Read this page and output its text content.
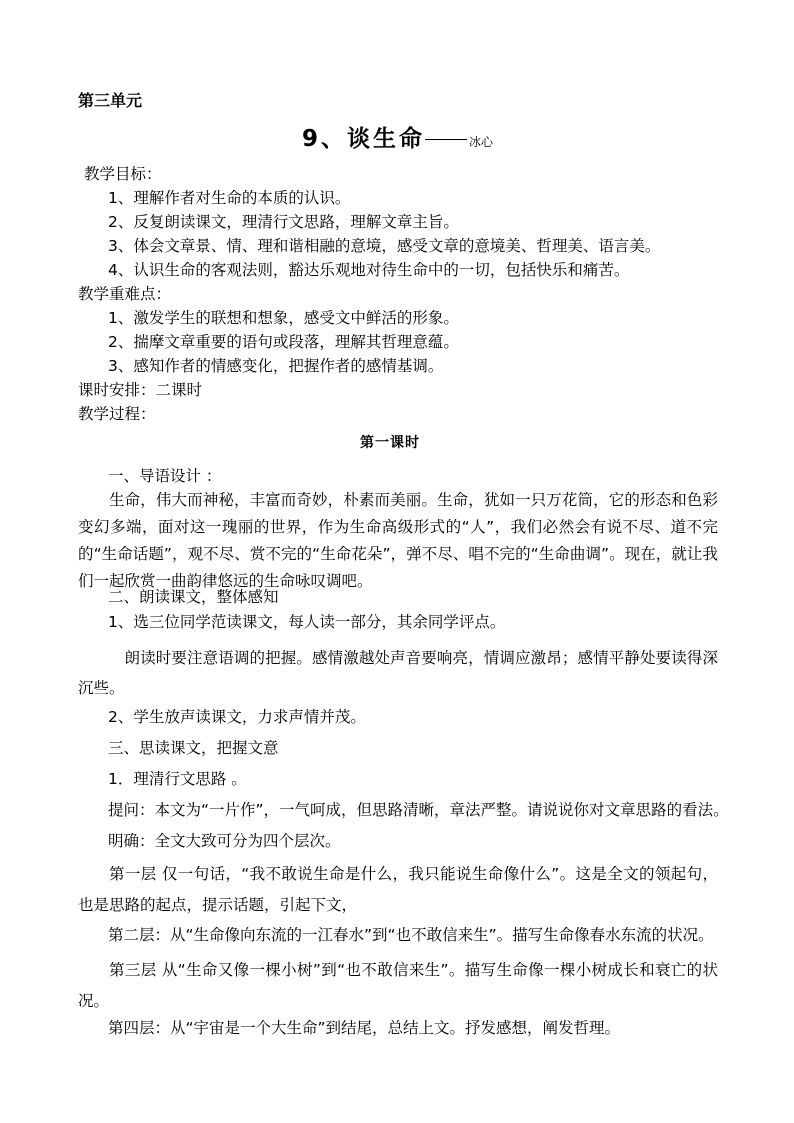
第三单元
9、谈生命	冰心
教学目标：
1、理解作者对生命的本质的认识。
2、反复朗读课文，理清行文思路，理解文章主旨。
3、体会文章景、情、理和谐相融的意境，感受文章的意境美、哲理美、语言美。
4、认识生命的客观法则，豁达乐观地对待生命中的一切，包括快乐和痛苦。
教学重难点：
1、激发学生的联想和想象，感受文中鲜活的形象。
2、揣摩文章重要的语句或段落，理解其哲理意蕴。
3、感知作者的情感变化，把握作者的感情基调。
课时安排：二课时
教学过程：
第一课时
一、导语设计 ：
生命，伟大而神秘，丰富而奇妙，朴素而美丽。生命，犹如一只万花筒，它的形态和色彩变幻多端，面对这一瑰丽的世界，作为生命高级形式的“人”，我们必然会有说不尽、道不完的“生命话题”，观不尽、赏不完的“生命花朵”，弹不尽、唱不完的“生命曲调”。现在，就让我们一起欣赏一曲韵律悠远的生命咏叹调吧。
二、朗读课文，整体感知
1、选三位同学范读课文，每人读一部分，其余同学评点。
朗读时要注意语调的把握。感情激越处声音要响亮，情调应激昂；感情平静处要读得深沉些。
2、学生放声读课文，力求声情并茂。
三、思读课文，把握文意
1．理清行文思路 。
提问：本文为“一片作”，一气呵成，但思路清晰，章法严整。请说说你对文章思路的看法。
明确：全文大致可分为四个层次。
第一层 仅一句话，“我不敢说生命是什么，我只能说生命像什么”。这是全文的领起句，也是思路的起点，提示话题，引起下文，
第二层：从“生命像向东流的一江春水”到“也不敢信来生”。描写生命像春水东流的状况。
第三层 从“生命又像一棵小树”到“也不敢信来生”。描写生命像一棵小树成长和衰亡的状况。
第四层：从“宇宙是一个大生命”到结尾，总结上文。抒发感想，阐发哲理。
